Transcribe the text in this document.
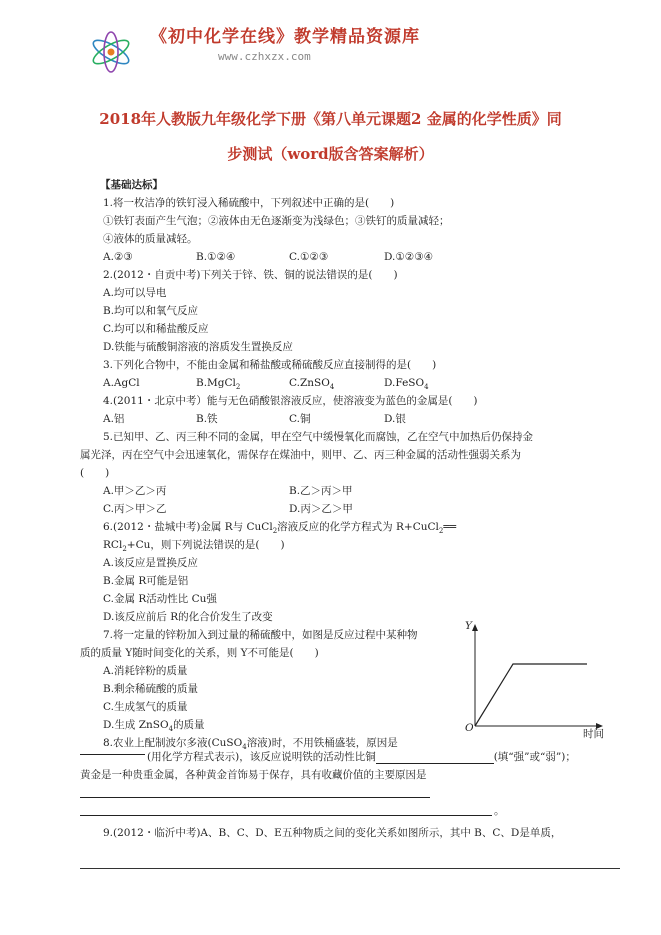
《初中化学在线》教学精品资源库
www.czhxzx.com
2018年人教版九年级化学下册《第八单元课题2 金属的化学性质》同
步测试（word版含答案解析）
【基础达标】
1.将一枚洁净的铁钉浸入稀硫酸中，下列叙述中正确的是(　　)
①铁钉表面产生气泡；②液体由无色逐渐变为浅绿色；③铁钉的质量减轻；
④液体的质量减轻。
A.②③	B.①②④	C.①②③	D.①②③④
2.(2012・自贡中考)下列关于锌、铁、铜的说法错误的是(　　)
A.均可以导电
B.均可以和氧气反应
C.均可以和稀盐酸反应
D.铁能与硫酸铜溶液的溶质发生置换反应
3.下列化合物中，不能由金属和稀盐酸或稀硫酸反应直接制得的是(　　)
A.AgCl	B.MgCl$_2$	C.ZnSO$_4$	D.FeSO$_4$
4.(2011・北京中考）能与无色硝酸银溶液反应，使溶液变为蓝色的金属是(　　)
A.铝	B.铁	C.铜	D.银
5.已知甲、乙、丙三种不同的金属，甲在空气中缓慢氧化而腐蚀，乙在空气中加热后仍保持金
属光泽，丙在空气中会迅速氧化，需保存在煤油中，则甲、乙、丙三种金属的活动性强弱关系为
(　　)
A.甲＞乙＞丙	B.乙＞丙＞甲
C.丙＞甲＞乙	D.丙＞乙＞甲
6.(2012・盐城中考)金属 R与 CuCl$_2$溶液反应的化学方程式为 R+CuCl$_2$══
RCl$_2$+Cu，则下列说法错误的是(　　)
A.该反应是置换反应
B.金属 R可能是铝
C.金属 R活动性比 Cu强
D.该反应前后 R的化合价发生了改变
7.将一定量的锌粉加入到过量的稀硫酸中，如图是反应过程中某种物
质的质量 Y随时间变化的关系，则 Y不可能是(　　)
A.消耗锌粉的质量
B.剩余稀硫酸的质量
C.生成氢气的质量
D.生成 ZnSO$_4$的质量
Y
O	时间
8.农业上配制波尔多液(CuSO$_4$溶液)时，不用铁桶盛装，原因是
(用化学方程式表示)，该反应说明铁的活动性比铜	(填“强”或“弱”)；
黄金是一种贵重金属，各种黄金首饰易于保存，具有收藏价值的主要原因是
。
9.(2012・临沂中考)A、B、C、D、E五种物质之间的变化关系如图所示，其中 B、C、D是单质，
